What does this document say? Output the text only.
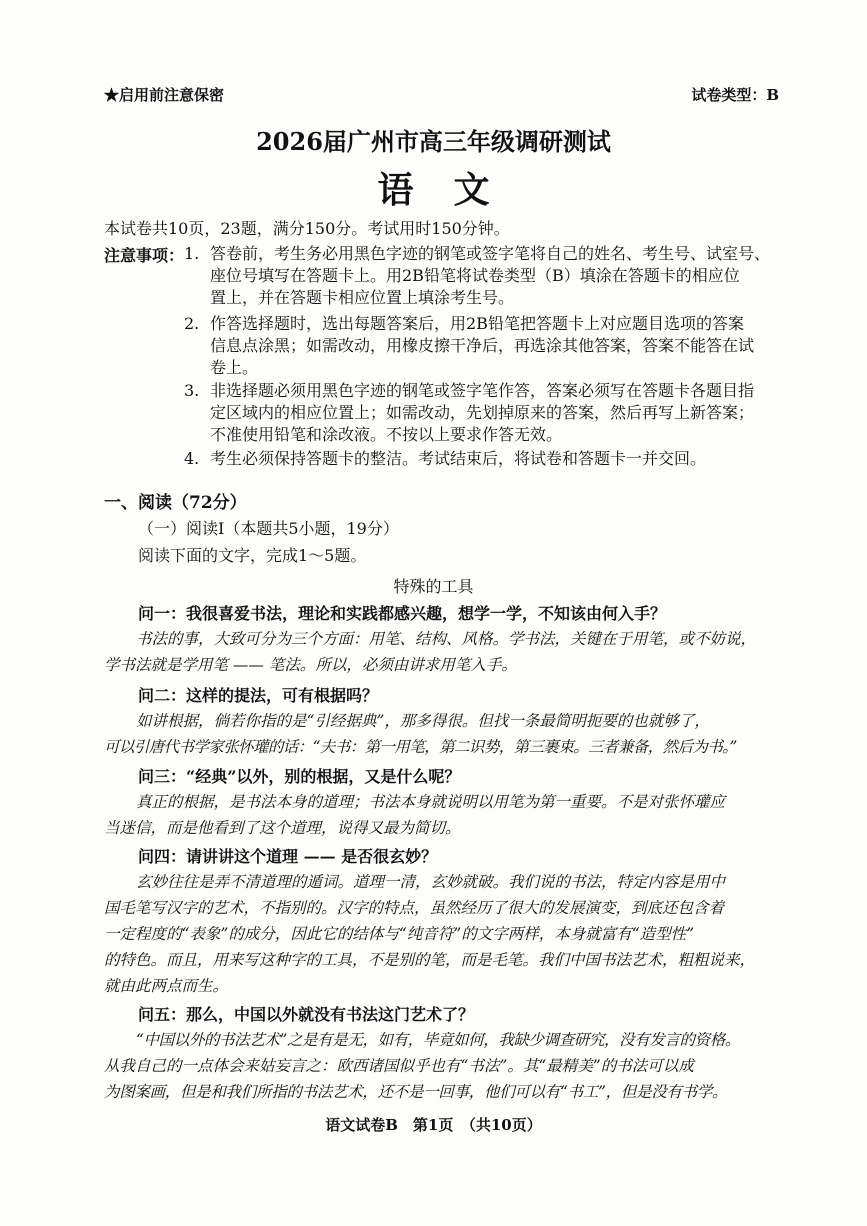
★启用前注意保密	试卷类型：B
2026届广州市高三年级调研测试
语文
本试卷共10页，23题，满分150分。考试用时150分钟。
注意事项： 1. 答卷前，考生务必用黑色字迹的钢笔或签字笔将自己的姓名、考生号、试室号、
座位号填写在答题卡上。用2B铅笔将试卷类型（B）填涂在答题卡的相应位
置上，并在答题卡相应位置上填涂考生号。
2. 作答选择题时，选出每题答案后，用2B铅笔把答题卡上对应题目选项的答案
信息点涂黑；如需改动，用橡皮擦干净后，再选涂其他答案，答案不能答在试
卷上。
3. 非选择题必须用黑色字迹的钢笔或签字笔作答，答案必须写在答题卡各题目指
定区域内的相应位置上；如需改动，先划掉原来的答案，然后再写上新答案；
不准使用铅笔和涂改液。不按以上要求作答无效。
4. 考生必须保持答题卡的整洁。考试结束后，将试卷和答题卡一并交回。
一、阅读（72分）
（一）阅读Ⅰ（本题共5小题，19分）
阅读下面的文字，完成1～5题。
特殊的工具
问一：我很喜爱书法，理论和实践都感兴趣，想学一学，不知该由何入手？
书法的事，大致可分为三个方面：用笔、结构、风格。学书法，关键在于用笔，或不妨说，
学书法就是学用笔 —— 笔法。所以，必须由讲求用笔入手。
问二：这样的提法，可有根据吗？
如讲根据，倘若你指的是“引经据典”，那多得很。但找一条最简明扼要的也就够了，
可以引唐代书学家张怀瓘的话：“夫书：第一用笔，第二识势，第三裹束。三者兼备，然后为书。”
问三：“经典”以外，别的根据，又是什么呢？
真正的根据，是书法本身的道理；书法本身就说明以用笔为第一重要。不是对张怀瓘应
当迷信，而是他看到了这个道理，说得又最为简切。
问四：请讲讲这个道理 —— 是否很玄妙？
玄妙往往是弄不清道理的遁词。道理一清，玄妙就破。我们说的书法，特定内容是用中
国毛笔写汉字的艺术，不指别的。汉字的特点，虽然经历了很大的发展演变，到底还包含着
一定程度的“表象”的成分，因此它的结体与“纯音符”的文字两样，本身就富有“造型性”
的特色。而且，用来写这种字的工具，不是别的笔，而是毛笔。我们中国书法艺术，粗粗说来，
就由此两点而生。
问五：那么，中国以外就没有书法这门艺术了？
“中国以外的书法艺术”之是有是无，如有，毕竟如何，我缺少调查研究，没有发言的资格。
从我自己的一点体会来姑妄言之：欧西诸国似乎也有“书法”。其“最精美”的书法可以成
为图案画，但是和我们所指的书法艺术，还不是一回事，他们可以有“书工”，但是没有书学。
语文试卷B　第1页　（共10页）
